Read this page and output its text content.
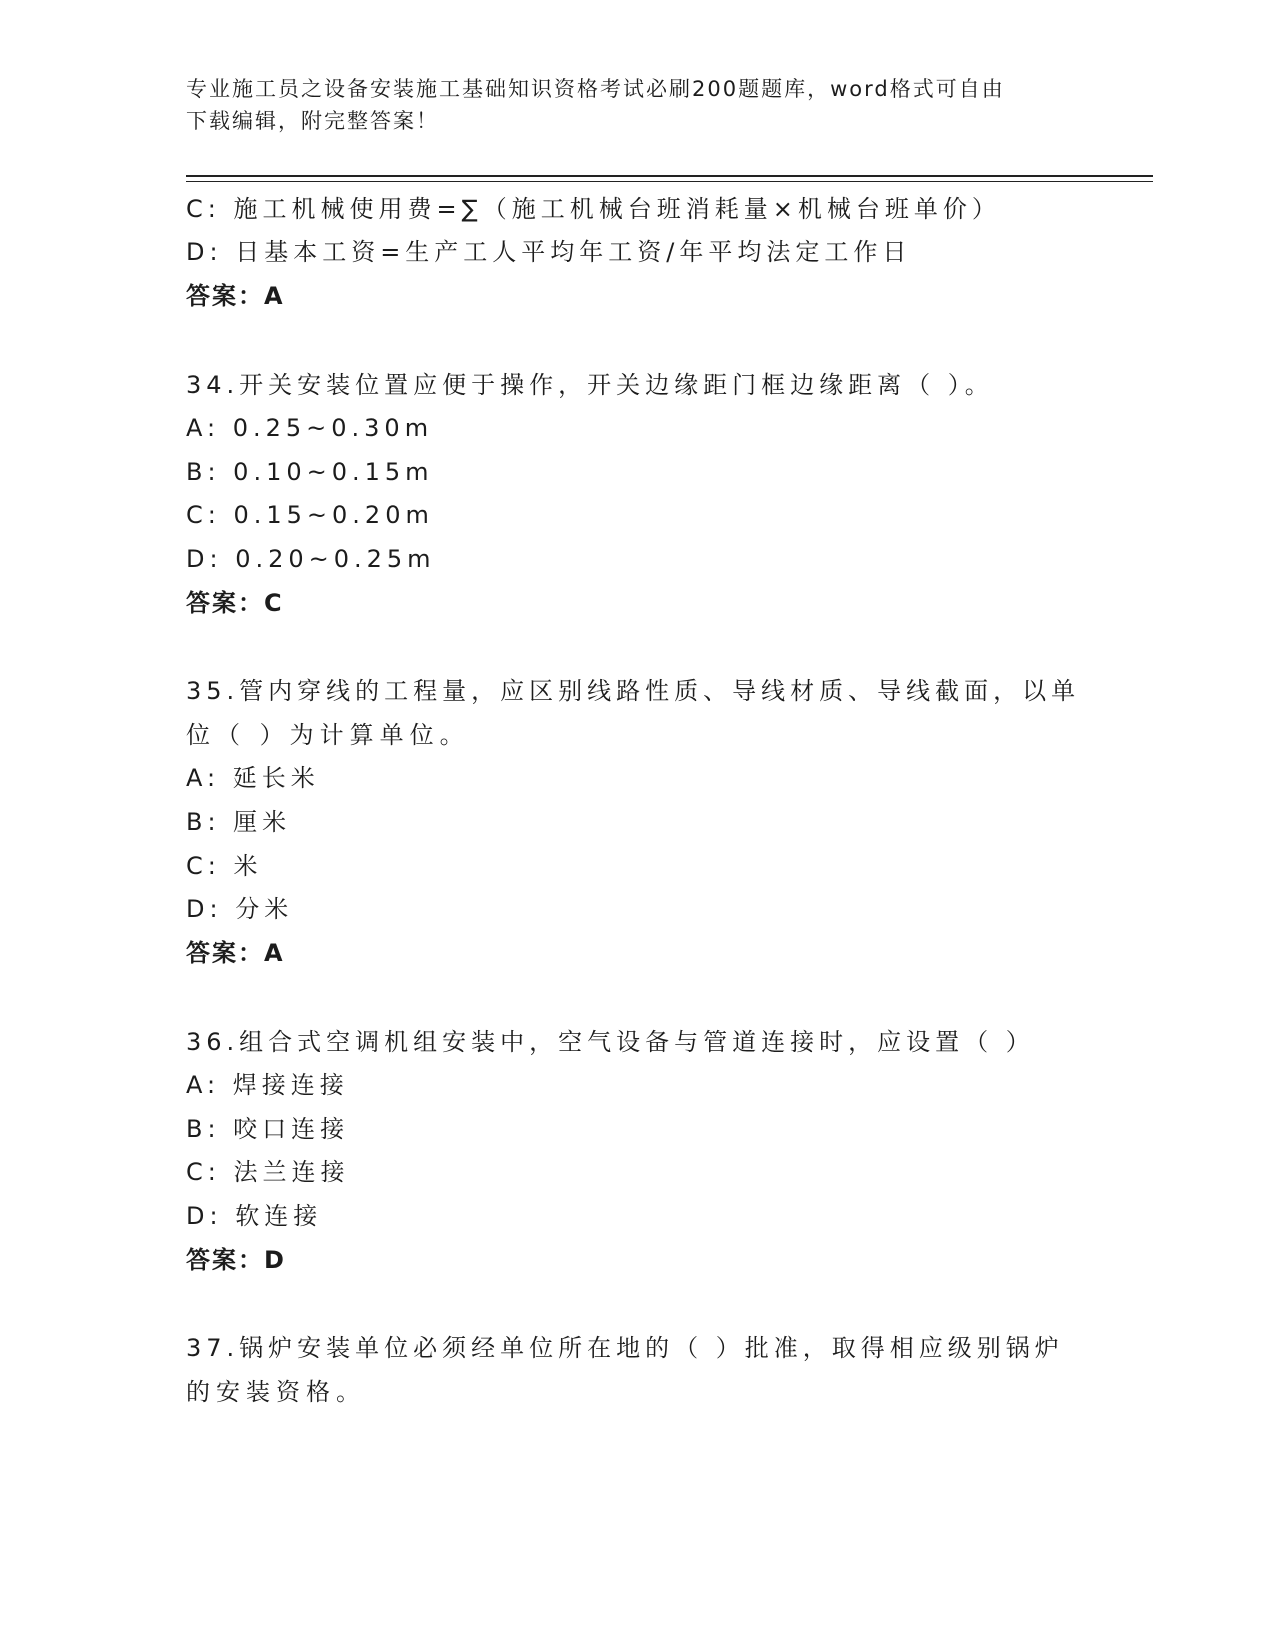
专业施工员之设备安装施工基础知识资格考试必刷200题题库，word格式可自由
下载编辑，附完整答案！
C: 施工机械使用费=∑（施工机械台班消耗量×机械台班单价）
D: 日基本工资=生产工人平均年工资/年平均法定工作日
答案：A
34.开关安装位置应便于操作，开关边缘距门框边缘距离（ ）。
A: 0.25~0.30m
B: 0.10~0.15m
C: 0.15~0.20m
D: 0.20~0.25m
答案：C
35.管内穿线的工程量，应区别线路性质、导线材质、导线截面，以单
位（ ）为计算单位。
A: 延长米
B: 厘米
C: 米
D: 分米
答案：A
36.组合式空调机组安装中，空气设备与管道连接时，应设置（ ）
A: 焊接连接
B: 咬口连接
C: 法兰连接
D: 软连接
答案：D
37.锅炉安装单位必须经单位所在地的（ ）批准，取得相应级别锅炉
的安装资格。
